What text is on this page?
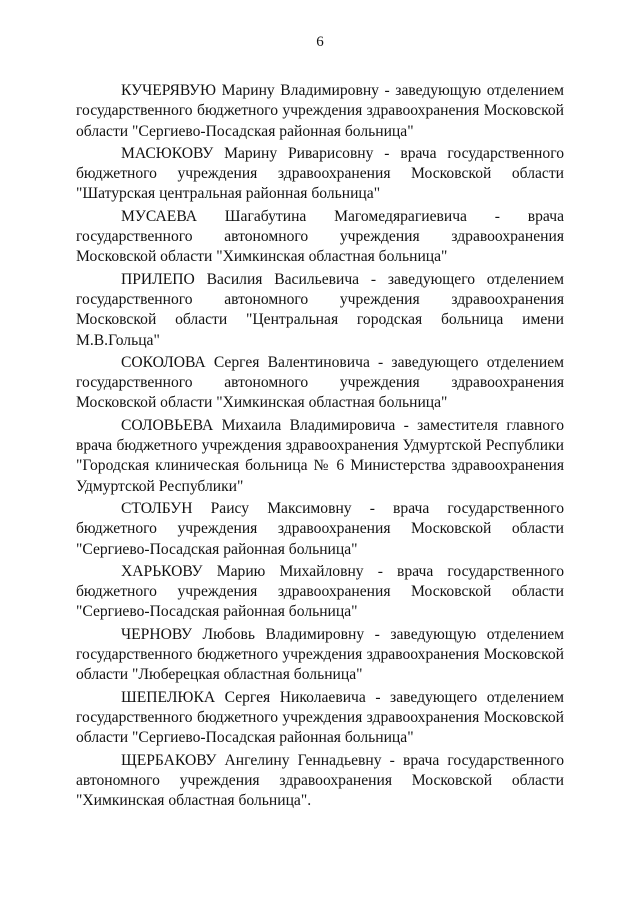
6

КУЧЕРЯВУЮ Марину Владимировну - заведующую отделением государственного бюджетного учреждения здравоохранения Московской области "Сергиево-Посадская районная больница"

МАСЮКОВУ Марину Риварисовну - врача государственного бюджетного учреждения здравоохранения Московской области "Шатурская центральная районная больница"

МУСАЕВА Шагабутина Магомедярагиевича - врача государственного автономного учреждения здравоохранения Московской области "Химкинская областная больница"

ПРИЛЕПО Василия Васильевича - заведующего отделением государственного автономного учреждения здравоохранения Московской области "Центральная городская больница имени М.В.Гольца"

СОКОЛОВА Сергея Валентиновича - заведующего отделением государственного автономного учреждения здравоохранения Московской области "Химкинская областная больница"

СОЛОВЬЕВА Михаила Владимировича - заместителя главного врача бюджетного учреждения здравоохранения Удмуртской Республики "Городская клиническая больница № 6 Министерства здравоохранения Удмуртской Республики"

СТОЛБУН Раису Максимовну - врача государственного бюджетного учреждения здравоохранения Московской области "Сергиево-Посадская районная больница"

ХАРЬКОВУ Марию Михайловну - врача государственного бюджетного учреждения здравоохранения Московской области "Сергиево-Посадская районная больница"

ЧЕРНОВУ Любовь Владимировну - заведующую отделением государственного бюджетного учреждения здравоохранения Московской области "Люберецкая областная больница"

ШЕПЕЛЮКА Сергея Николаевича - заведующего отделением государственного бюджетного учреждения здравоохранения Московской области "Сергиево-Посадская районная больница"

ЩЕРБАКОВУ Ангелину Геннадьевну - врача государственного автономного учреждения здравоохранения Московской области "Химкинская областная больница".
